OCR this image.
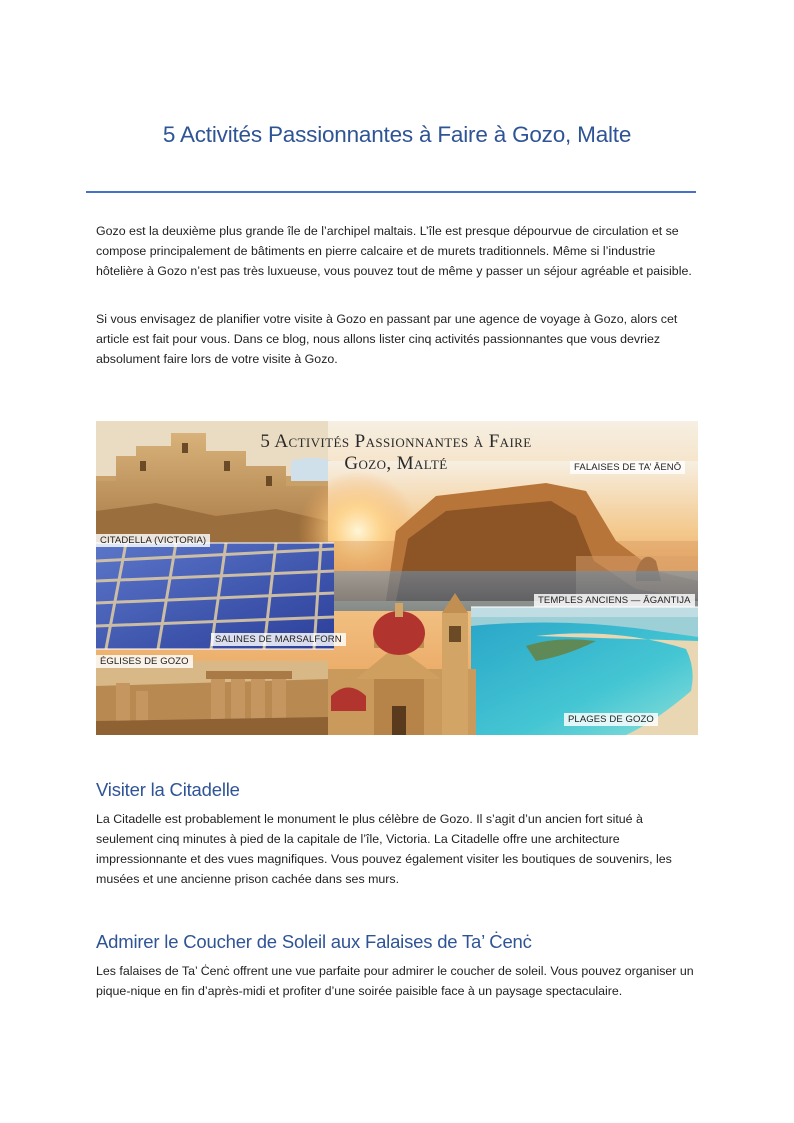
5 Activités Passionnantes à Faire à Gozo, Malte

Gozo est la deuxième plus grande île de l’archipel maltais. L’île est presque dépourvue de circulation et se compose principalement de bâtiments en pierre calcaire et de murets traditionnels. Même si l’industrie hôtelière à Gozo n’est pas très luxueuse, vous pouvez tout de même y passer un séjour agréable et paisible.

Si vous envisagez de planifier votre visite à Gozo en passant par une agence de voyage à Gozo, alors cet article est fait pour vous. Dans ce blog, nous allons lister cinq activités passionnantes que vous devriez absolument faire lors de votre visite à Gozo.

5 Activités Passionnantes à Faire
Gozo, Malté	FALAISES DE TA’ ĀENŌ
CITADELLA (VICTORIA)
TEMPLES ANCIENS — ĀGANTIJA
SALINES DE MARSALFORN
ÉGLISES DE GOZO
PLAGES DE GOZO
Visiter la Citadelle

La Citadelle est probablement le monument le plus célèbre de Gozo. Il s’agit d’un ancien fort situé à seulement cinq minutes à pied de la capitale de l’île, Victoria. La Citadelle offre une architecture impressionnante et des vues magnifiques. Vous pouvez également visiter les boutiques de souvenirs, les musées et une ancienne prison cachée dans ses murs.

Admirer le Coucher de Soleil aux Falaises de Ta’ Ċenċ

Les falaises de Ta’ Ċenċ offrent une vue parfaite pour admirer le coucher de soleil. Vous pouvez organiser un pique-nique en fin d’après-midi et profiter d’une soirée paisible face à un paysage spectaculaire.
